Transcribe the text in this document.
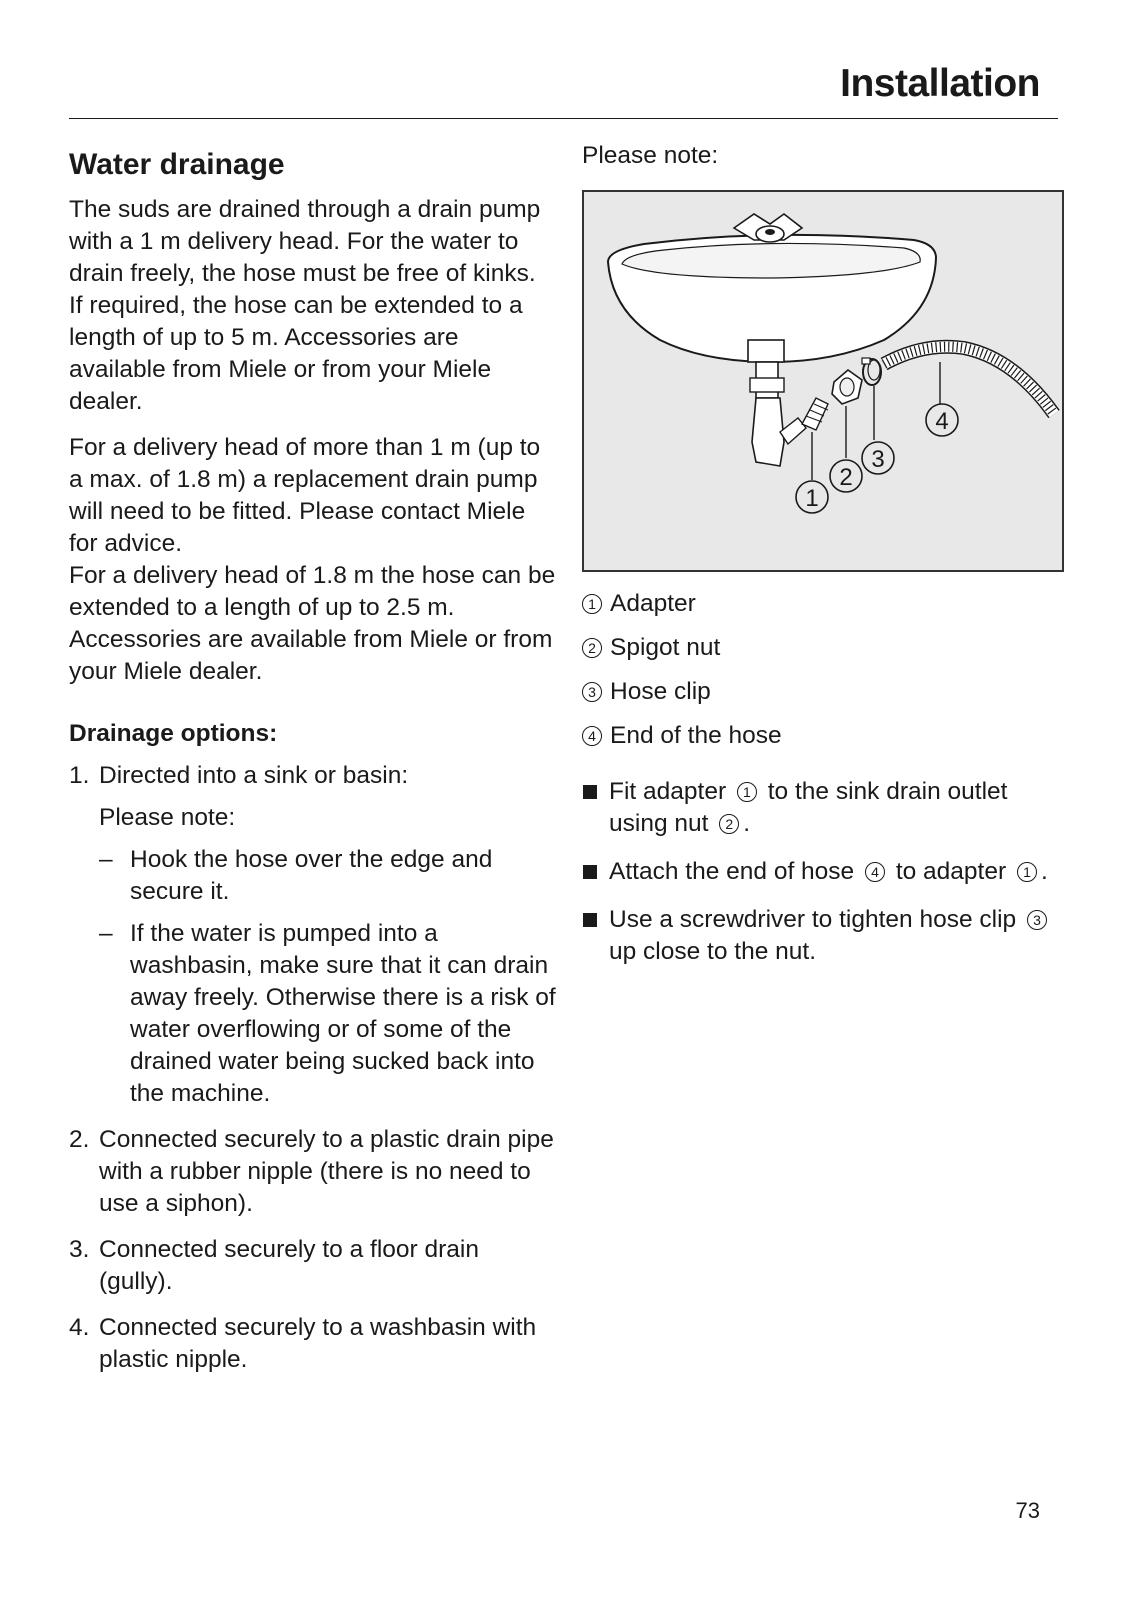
Installation
Water drainage

The suds are drained through a drain pump with a 1 m delivery head. For the water to drain freely, the hose must be free of kinks.

If required, the hose can be extended to a length of up to 5 m. Accessories are available from Miele or from your Miele dealer.

For a delivery head of more than 1 m (up to a max. of 1.8 m) a replacement drain pump will need to be fitted. Please contact Miele for advice.

For a delivery head of 1.8 m the hose can be extended to a length of up to 2.5 m. Accessories are available from Miele or from your Miele dealer.

Drainage options:
1. Directed into a sink or basin:
Please note:
– Hook the hose over the edge and secure it.
– If the water is pumped into a washbasin, make sure that it can drain away freely. Otherwise there is a risk of water overflowing or of some of the drained water being sucked back into the machine.
2. Connected securely to a plastic drain pipe with a rubber nipple (there is no need to use a siphon).
3. Connected securely to a floor drain (gully).
4. Connected securely to a washbasin with plastic nipple.

Please note:

1
2
3
4
1 Adapter
2 Spigot nut
3 Hose clip
4 End of the hose
Fit adapter 1 to the sink drain outlet using nut 2 .
Attach the end of hose 4 to adapter 1 .
Use a screwdriver to tighten hose clip 3 up close to the nut.
73
